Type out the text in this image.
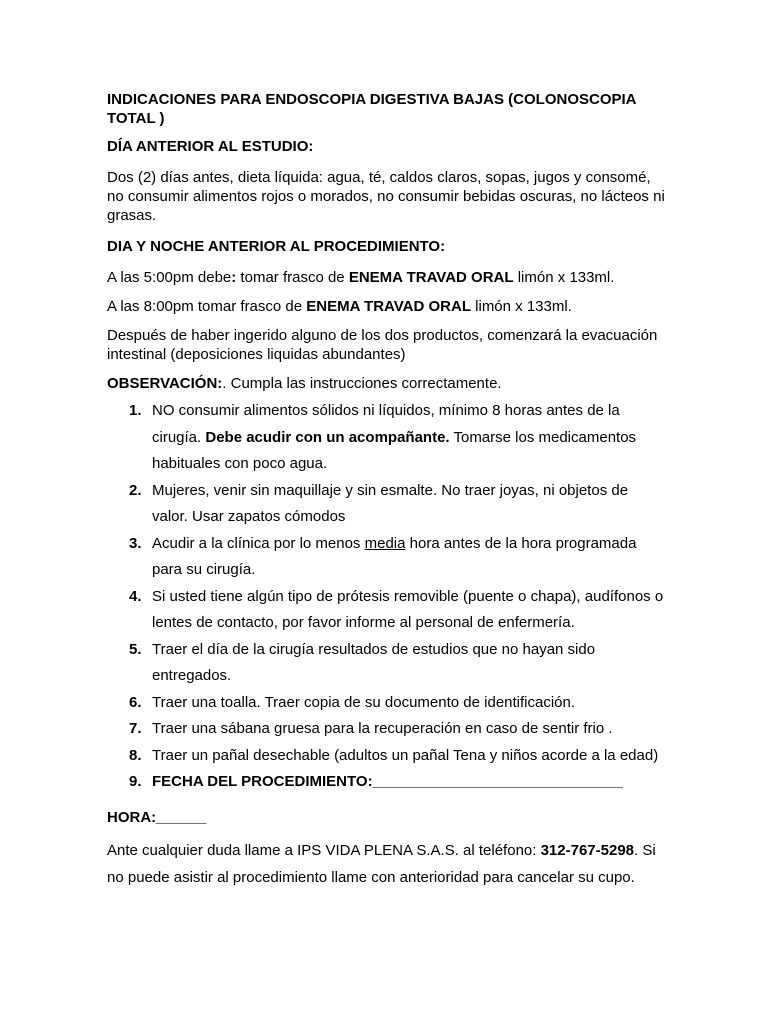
INDICACIONES PARA ENDOSCOPIA DIGESTIVA BAJAS (COLONOSCOPIA TOTAL )

DÍA ANTERIOR AL ESTUDIO:

Dos (2) días antes, dieta líquida: agua, té, caldos claros, sopas, jugos y consomé, no consumir alimentos rojos o morados, no consumir bebidas oscuras, no lácteos ni grasas.

DIA Y NOCHE ANTERIOR AL PROCEDIMIENTO:

A las 5:00pm debe: tomar frasco de ENEMA TRAVAD ORAL limón x 133ml.

A las 8:00pm tomar frasco de ENEMA TRAVAD ORAL limón x 133ml.

Después de haber ingerido alguno de los dos productos, comenzará la evacuación intestinal (deposiciones liquidas abundantes)

OBSERVACIÓN:. Cumpla las instrucciones correctamente.

1. NO consumir alimentos sólidos ni líquidos, mínimo 8 horas antes de la cirugía. Debe acudir con un acompañante. Tomarse los medicamentos habituales con poco agua.
2. Mujeres, venir sin maquillaje y sin esmalte. No traer joyas, ni objetos de valor. Usar zapatos cómodos
3. Acudir a la clínica por lo menos media hora antes de la hora programada para su cirugía.
4. Si usted tiene algún tipo de prótesis removible (puente o chapa), audífonos o lentes de contacto, por favor informe al personal de enfermería.
5. Traer el día de la cirugía resultados de estudios que no hayan sido entregados.
6. Traer una toalla. Traer copia de su documento de identificación.
7. Traer una sábana gruesa para la recuperación en caso de sentir frio .
8. Traer un pañal desechable (adultos un pañal Tena y niños acorde a la edad)
9. FECHA DEL PROCEDIMIENTO:______________________________

HORA:______

Ante cualquier duda llame a IPS VIDA PLENA S.A.S. al teléfono: 312-767-5298. Si no puede asistir al procedimiento llame con anterioridad para cancelar su cupo.
